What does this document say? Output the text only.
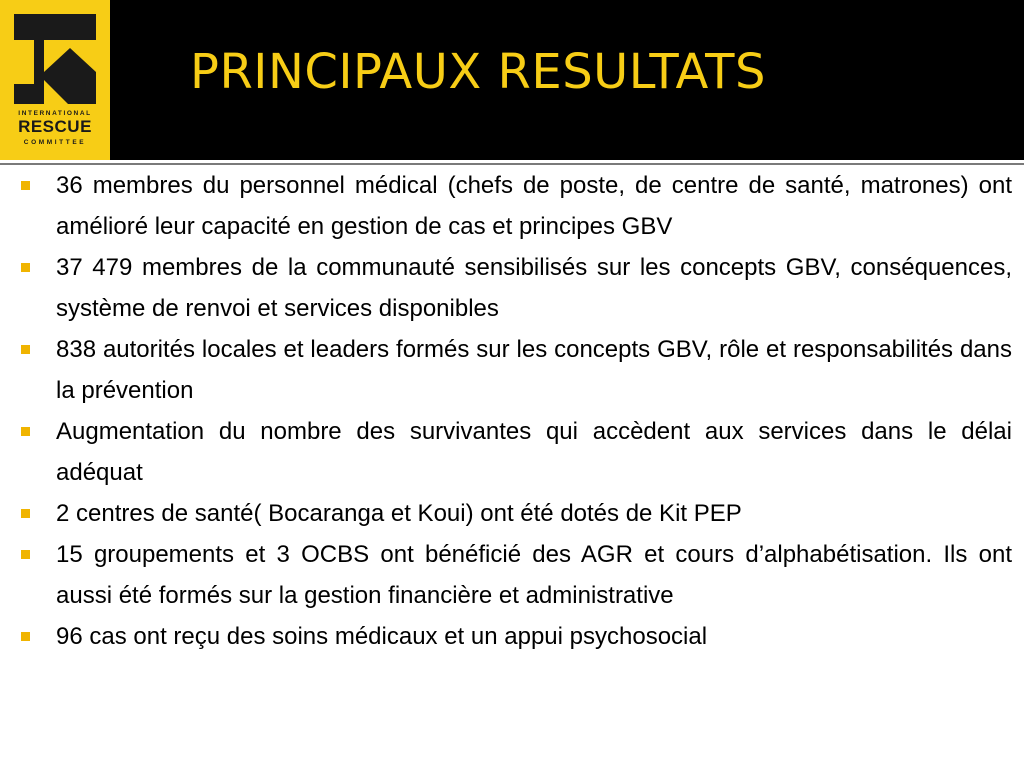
INTERNATIONAL
RESCUE
COMMITTEE
PRINCIPAUX RESULTATS
36 membres du personnel médical (chefs de poste, de centre de santé, matrones) ont amélioré leur capacité en gestion de cas et principes GBV
37 479 membres de la communauté sensibilisés sur les concepts GBV, conséquences, système de renvoi et services disponibles
838 autorités locales et leaders formés sur les concepts GBV, rôle et responsabilités dans la prévention
Augmentation du nombre des survivantes qui accèdent aux services dans le délai adéquat
2 centres de santé( Bocaranga et Koui) ont été dotés de Kit PEP
15 groupements et 3 OCBS ont bénéficié des AGR et cours d’alphabétisation. Ils ont aussi été formés sur la gestion financière et administrative
96 cas ont reçu des soins médicaux et un appui psychosocial
